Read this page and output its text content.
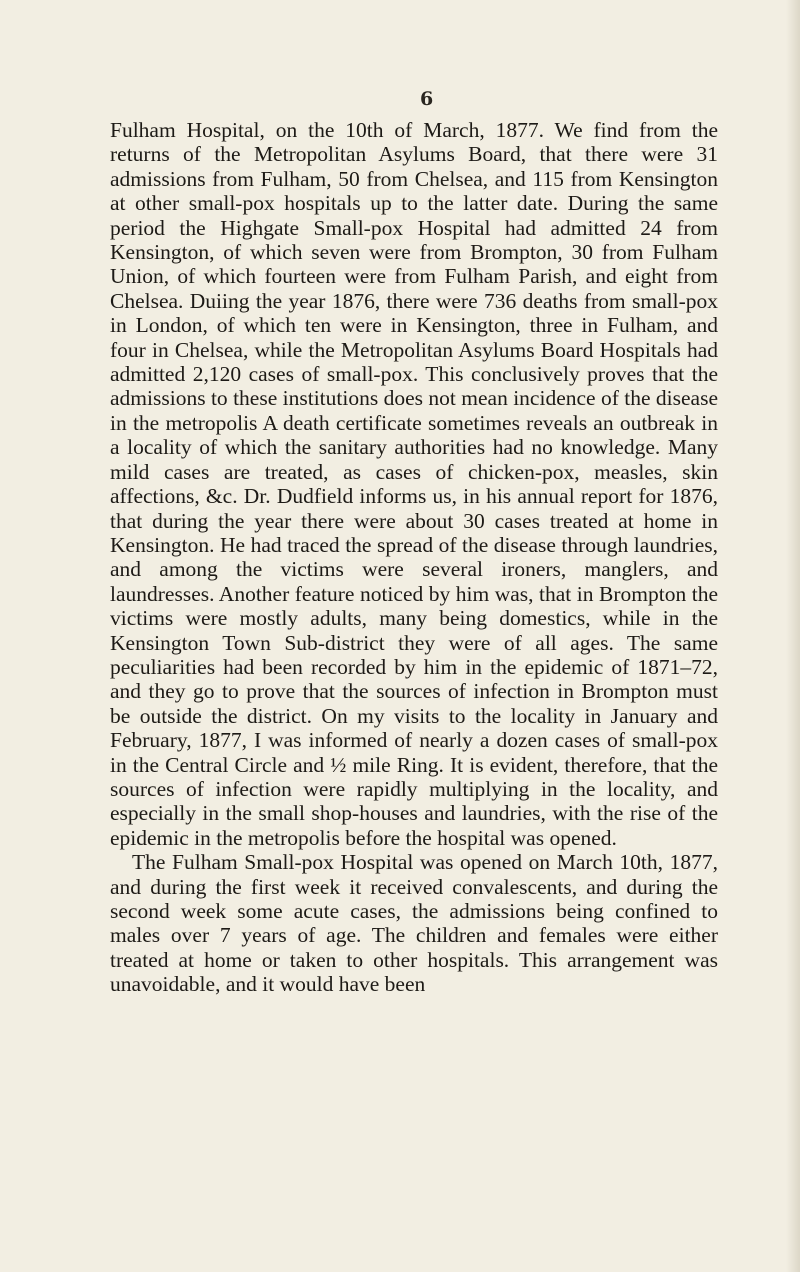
6

Fulham Hospital, on the 10th of March, 1877. We find from the returns of the Metropolitan Asylums Board, that there were 31 admissions from Fulham, 50 from Chelsea, and 115 from Kensington at other small-pox hospitals up to the latter date. During the same period the Highgate Small-pox Hospital had admitted 24 from Kensington, of which seven were from Brompton, 30 from Fulham Union, of which fourteen were from Fulham Parish, and eight from Chelsea. Duiing the year 1876, there were 736 deaths from small-pox in London, of which ten were in Kensington, three in Fulham, and four in Chelsea, while the Metropolitan Asylums Board Hospitals had admitted 2,120 cases of small-pox. This conclusively proves that the admissions to these institutions does not mean incidence of the disease in the metropolis A death certificate sometimes reveals an outbreak in a locality of which the sanitary authorities had no knowledge. Many mild cases are treated, as cases of chicken-pox, measles, skin affections, &c. Dr. Dudfield informs us, in his annual report for 1876, that during the year there were about 30 cases treated at home in Kensington. He had traced the spread of the disease through laundries, and among the victims were several ironers, manglers, and laundresses. Another feature noticed by him was, that in Brompton the victims were mostly adults, many being domestics, while in the Kensington Town Sub-district they were of all ages. The same peculiarities had been recorded by him in the epidemic of 1871–72, and they go to prove that the sources of infection in Brompton must be outside the district. On my visits to the locality in January and February, 1877, I was informed of nearly a dozen cases of small-pox in the Central Circle and ½ mile Ring. It is evident, therefore, that the sources of infection were rapidly multiplying in the locality, and especially in the small shop-houses and laundries, with the rise of the epidemic in the metropolis before the hospital was opened.

The Fulham Small-pox Hospital was opened on March 10th, 1877, and during the first week it received convalescents, and during the second week some acute cases, the admissions being confined to males over 7 years of age. The children and females were either treated at home or taken to other hospitals. This arrangement was unavoidable, and it would have been
